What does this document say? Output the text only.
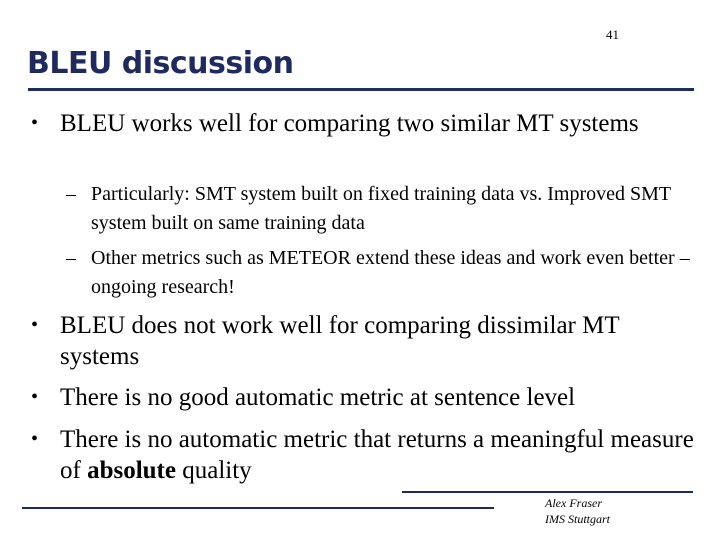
41
BLEU discussion

• BLEU works well for comparing two similar MT systems

– Particularly: SMT system built on fixed training data vs. Improved SMT system built on same training data

– Other metrics such as METEOR extend these ideas and work even better – ongoing research!

• BLEU does not work well for comparing dissimilar MT systems

• There is no good automatic metric at sentence level

• There is no automatic metric that returns a meaningful measure of absolute quality

Alex Fraser
IMS Stuttgart
